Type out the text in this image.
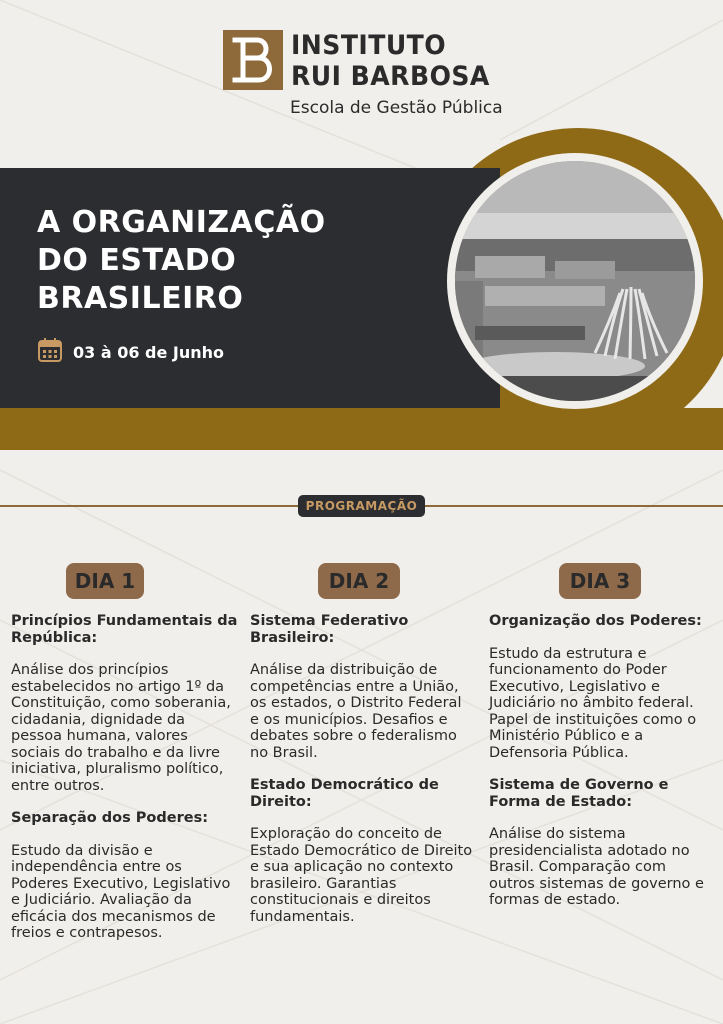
INSTITUTO
RUI BARBOSA
Escola de Gestão Pública
A ORGANIZAÇÃO
DO ESTADO
BRASILEIRO
03 à 06 de Junho
PROGRAMAÇÃO
DIA 1	DIA 2	DIA 3
Princípios Fundamentais da República:

Análise dos princípios estabelecidos no artigo 1º da Constituição, como soberania, cidadania, dignidade da pessoa humana, valores sociais do trabalho e da livre iniciativa, pluralismo político, entre outros.

Separação dos Poderes:

Estudo da divisão e independência entre os Poderes Executivo, Legislativo e Judiciário. Avaliação da eficácia dos mecanismos de freios e contrapesos.

Sistema Federativo Brasileiro:

Análise da distribuição de competências entre a União, os estados, o Distrito Federal e os municípios. Desafios e debates sobre o federalismo no Brasil.

Estado Democrático de Direito:

Exploração do conceito de Estado Democrático de Direito e sua aplicação no contexto brasileiro. Garantias constitucionais e direitos fundamentais.

Organização dos Poderes:

Estudo da estrutura e funcionamento do Poder Executivo, Legislativo e Judiciário no âmbito federal. Papel de instituições como o Ministério Público e a Defensoria Pública.

Sistema de Governo e Forma de Estado:

Análise do sistema presidencialista adotado no Brasil. Comparação com outros sistemas de governo e formas de estado.
